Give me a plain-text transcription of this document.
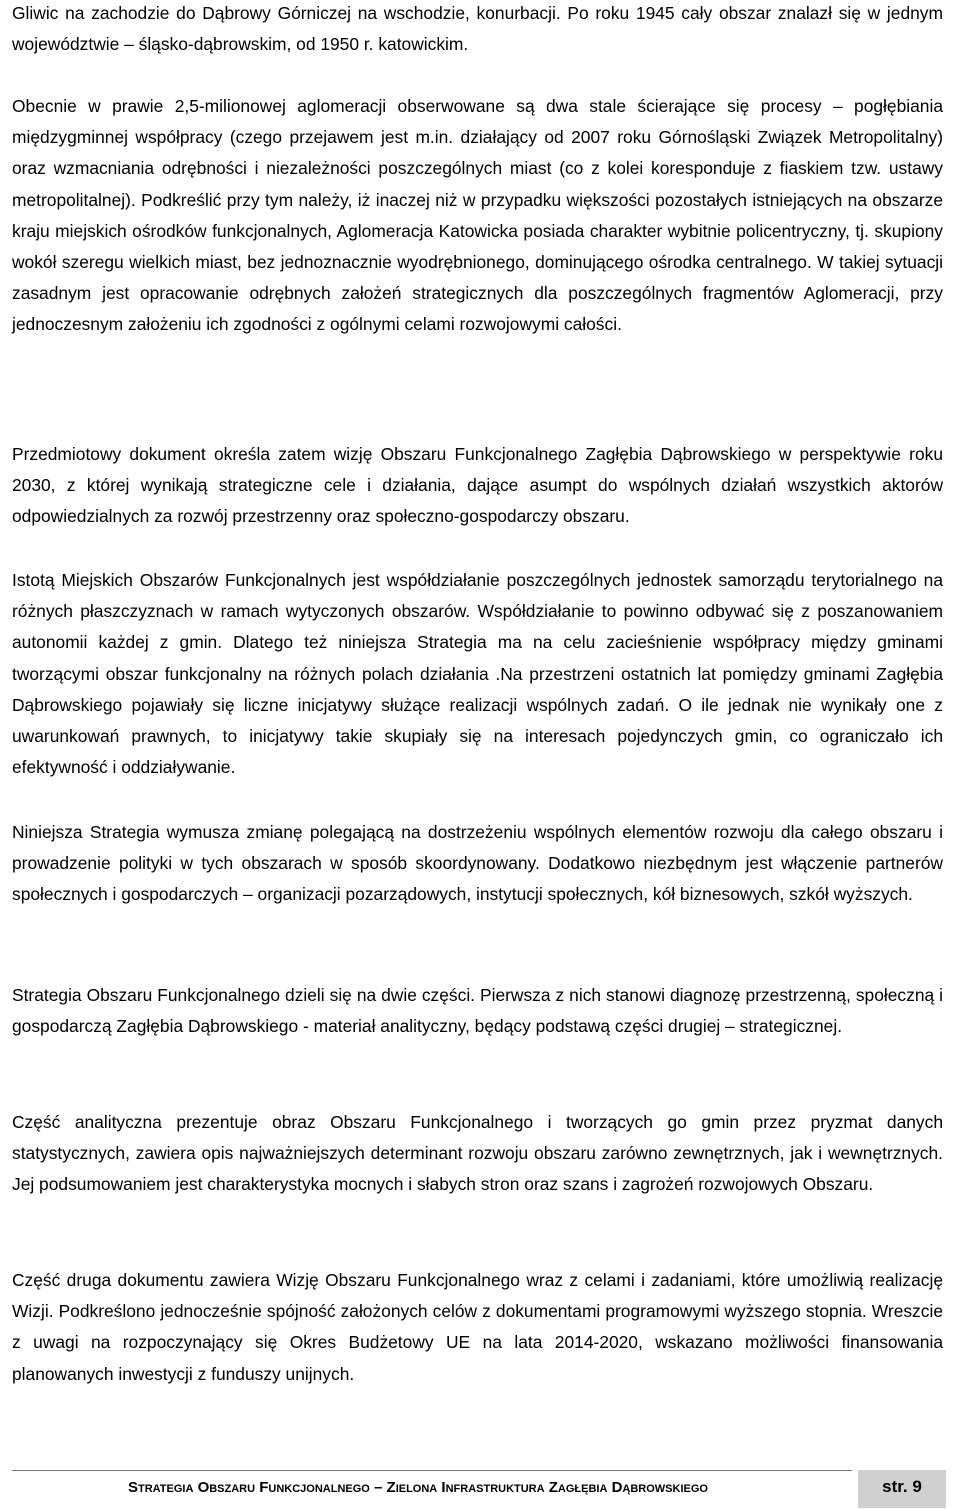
Gliwic na zachodzie do Dąbrowy Górniczej na wschodzie, konurbacji. Po roku 1945 cały obszar znalazł się w jednym województwie – śląsko-dąbrowskim, od 1950 r. katowickim.

Obecnie w prawie 2,5-milionowej aglomeracji obserwowane są dwa stale ścierające się procesy – pogłębiania międzygminnej współpracy (czego przejawem jest m.in. działający od 2007 roku Górnośląski Związek Metropolitalny) oraz wzmacniania odrębności i niezależności poszczególnych miast (co z kolei koresponduje z fiaskiem tzw. ustawy metropolitalnej). Podkreślić przy tym należy, iż inaczej niż w przypadku większości pozostałych istniejących na obszarze kraju miejskich ośrodków funkcjonalnych, Aglomeracja Katowicka posiada charakter wybitnie policentryczny, tj. skupiony wokół szeregu wielkich miast, bez jednoznacznie wyodrębnionego, dominującego ośrodka centralnego. W takiej sytuacji zasadnym jest opracowanie odrębnych założeń strategicznych dla poszczególnych fragmentów Aglomeracji, przy jednoczesnym założeniu ich zgodności z ogólnymi celami rozwojowymi całości.

Przedmiotowy dokument określa zatem wizję Obszaru Funkcjonalnego Zagłębia Dąbrowskiego w perspektywie roku 2030, z której wynikają strategiczne cele i działania, dające asumpt do wspólnych działań wszystkich aktorów odpowiedzialnych za rozwój przestrzenny oraz społeczno-gospodarczy obszaru.

Istotą Miejskich Obszarów Funkcjonalnych jest współdziałanie poszczególnych jednostek samorządu terytorialnego na różnych płaszczyznach w ramach wytyczonych obszarów. Współdziałanie to powinno odbywać się z poszanowaniem autonomii każdej z gmin. Dlatego też niniejsza Strategia ma na celu zacieśnienie współpracy między gminami tworzącymi obszar funkcjonalny na różnych polach działania .Na przestrzeni ostatnich lat pomiędzy gminami Zagłębia Dąbrowskiego pojawiały się liczne inicjatywy służące realizacji wspólnych zadań. O ile jednak nie wynikały one z uwarunkowań prawnych, to inicjatywy takie skupiały się na interesach pojedynczych gmin, co ograniczało ich efektywność i oddziaływanie.

Niniejsza Strategia wymusza zmianę polegającą na dostrzeżeniu wspólnych elementów rozwoju dla całego obszaru i prowadzenie polityki w tych obszarach w sposób skoordynowany. Dodatkowo niezbędnym jest włączenie partnerów społecznych i gospodarczych – organizacji pozarządowych, instytucji społecznych, kół biznesowych, szkół wyższych.

Strategia Obszaru Funkcjonalnego dzieli się na dwie części. Pierwsza z nich stanowi diagnozę przestrzenną, społeczną i gospodarczą Zagłębia Dąbrowskiego - materiał analityczny, będący podstawą części drugiej – strategicznej.

Część analityczna prezentuje obraz Obszaru Funkcjonalnego i tworzących go gmin przez pryzmat danych statystycznych, zawiera opis najważniejszych determinant rozwoju obszaru zarówno zewnętrznych, jak i wewnętrznych. Jej podsumowaniem jest charakterystyka mocnych i słabych stron oraz szans i zagrożeń rozwojowych Obszaru.

Część druga dokumentu zawiera Wizję Obszaru Funkcjonalnego wraz z celami i zadaniami, które umożliwią realizację Wizji. Podkreślono jednocześnie spójność założonych celów z dokumentami programowymi wyższego stopnia. Wreszcie z uwagi na rozpoczynający się Okres Budżetowy UE na lata 2014-2020, wskazano możliwości finansowania planowanych inwestycji z funduszy unijnych.

Strategia Obszaru Funkcjonalnego – Zielona Infrastruktura Zagłębia Dąbrowskiego	str. 9
